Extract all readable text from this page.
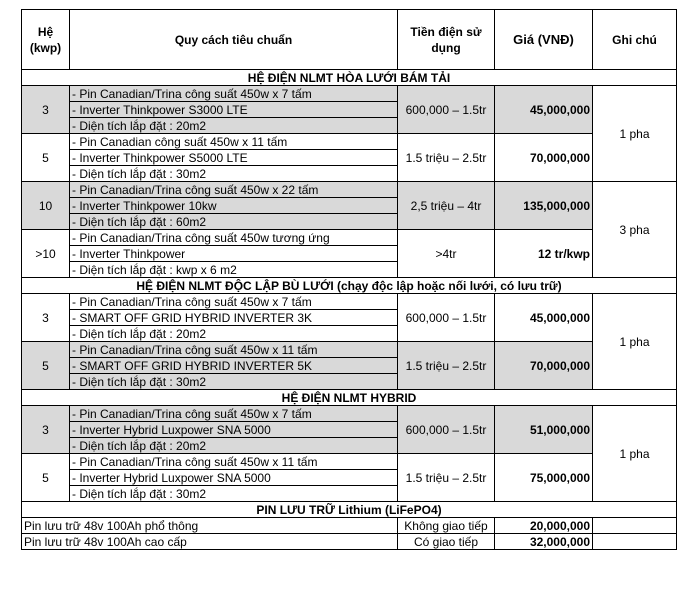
Hệ (kwp)	Quy cách tiêu chuẩn	Tiền điện sử dụng	Giá (VNĐ)	Ghi chú
HỆ ĐIỆN NLMT HÒA LƯỚI BÁM TẢI				
3	- Pin Canadian/Trina công suất 450w x 7 tấm	600,000 – 1.5tr	45,000,000	1 pha
	- Inverter Thinkpower S3000 LTE			
	- Diện tích lắp đặt : 20m2			
5	- Pin Canadian công suất 450w x 11 tấm	1.5 triệu – 2.5tr	70,000,000	
	- Inverter Thinkpower S5000 LTE			
	- Diện tích lắp đặt : 30m2			
10	- Pin Canadian/Trina công suất 450w x 22 tấm	2,5 triệu – 4tr	135,000,000	3 pha
	- Inverter Thinkpower 10kw			
	- Diện tích lắp đặt : 60m2			
>10	- Pin Canadian/Trina công suất 450w tương ứng	>4tr	12 tr/kwp	
	- Inverter Thinkpower			
	- Diện tích lắp đặt : kwp x 6 m2			
HỆ ĐIỆN NLMT ĐỘC LẬP BÙ LƯỚI (chạy độc lập hoặc nối lưới, có lưu trữ)				
3	- Pin Canadian/Trina công suất 450w x 7 tấm	600,000 – 1.5tr	45,000,000	1 pha
	- SMART OFF GRID HYBRID INVERTER 3K			
	- Diện tích lắp đặt : 20m2			
5	- Pin Canadian/Trina công suất 450w x 11 tấm	1.5 triệu – 2.5tr	70,000,000	
	- SMART OFF GRID HYBRID INVERTER 5K			
	- Diện tích lắp đặt : 30m2			
HỆ ĐIỆN NLMT HYBRID				
3	- Pin Canadian/Trina công suất 450w x 7 tấm	600,000 – 1.5tr	51,000,000	1 pha
	- Inverter Hybrid Luxpower SNA 5000			
	- Diện tích lắp đặt : 20m2			
5	- Pin Canadian/Trina công suất 450w x 11 tấm	1.5 triệu – 2.5tr	75,000,000	
	- Inverter Hybrid Luxpower SNA 5000			
	- Diện tích lắp đặt : 30m2			
PIN LƯU TRỮ Lithium (LiFePO4)				
Pin lưu trữ 48v 100Ah phổ thông		Không giao tiếp	20,000,000	
Pin lưu trữ 48v 100Ah cao cấp		Có giao tiếp	32,000,000	
